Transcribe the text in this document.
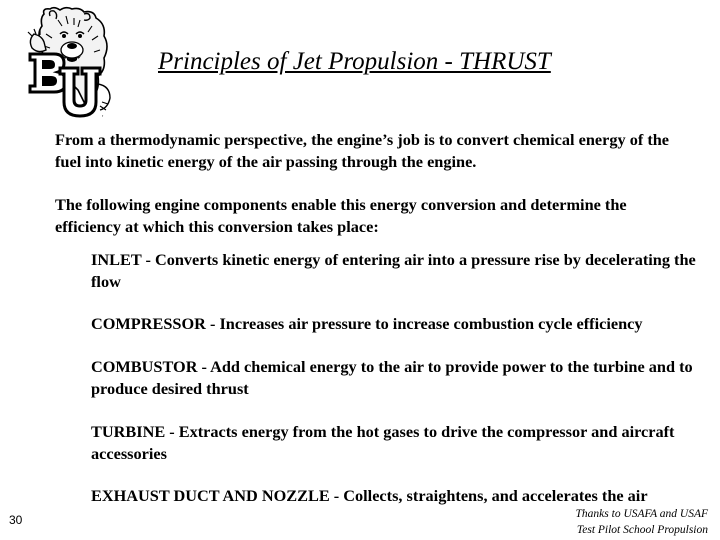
ʳ
Principles of Jet Propulsion - THRUST
From a thermodynamic perspective, the engine’s job is to convert chemical energy of the fuel into kinetic energy of the air passing through the engine.
The following engine components enable this energy conversion and determine the efficiency at which this conversion takes place:
INLET - Converts kinetic energy of entering air into a pressure rise by decelerating the flow
COMPRESSOR - Increases air pressure to increase combustion cycle efficiency
COMBUSTOR - Add chemical energy to the air to provide power to the turbine and to produce desired thrust
TURBINE - Extracts energy from the hot gases to drive the compressor and aircraft accessories
EXHAUST DUCT AND NOZZLE - Collects, straightens, and accelerates the air
30	Thanks to USAFA and USAF
Test Pilot School Propulsion
